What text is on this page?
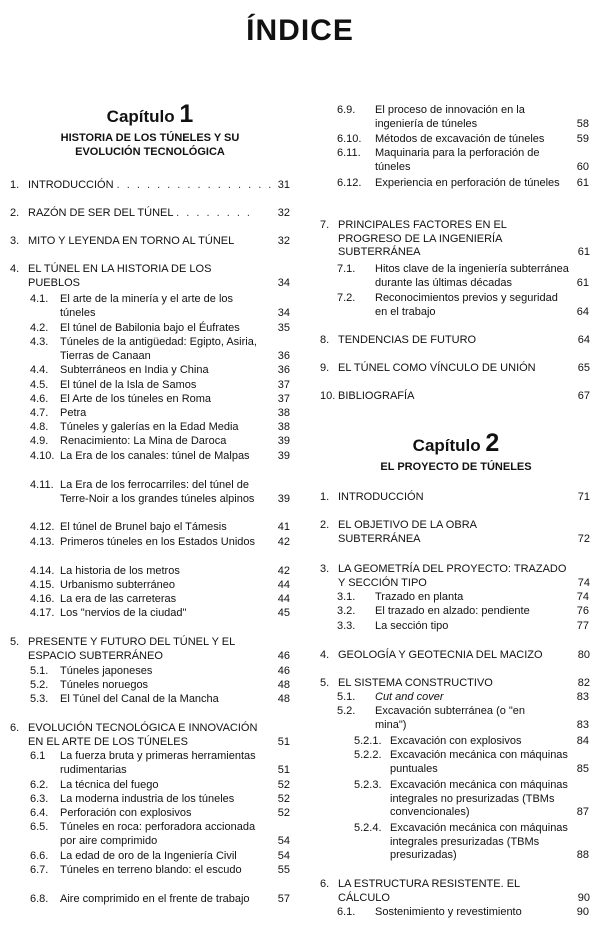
ÍNDICE
Capítulo 1
HISTORIA DE LOS TÚNELES Y SU EVOLUCIÓN TECNOLÓGICA
1. INTRODUCCIÓN . . . . . . . . . . . . . . . . 31
2. RAZÓN DE SER DEL TÚNEL . . . . . . . .	32
3. MITO Y LEYENDA EN TORNO AL TÚNEL	32
4. EL TÚNEL EN LA HISTORIA DE LOS PUEBLOS	34
4.1. El arte de la minería y el arte de los túneles	34
4.2. El túnel de Babilonia bajo el Éufrates	35
4.3. Túneles de la antigüedad: Egipto, Asiria, Tierras de Canaan	36
4.4. Subterráneos en India y China	36
4.5. El túnel de la Isla de Samos	37
4.6. El Arte de los túneles en Roma	37
4.7. Petra	38
4.8. Túneles y galerías en la Edad Media	38
4.9. Renacimiento: La Mina de Daroca	39
4.10. La Era de los canales: túnel de Malpas	39
4.11. La Era de los ferrocarriles: del túnel de Terre-Noir a los grandes túneles alpinos	39
4.12. El túnel de Brunel bajo el Támesis	41
4.13. Primeros túneles en los Estados Unidos	42
4.14. La historia de los metros	42
4.15. Urbanismo subterráneo	44
4.16. La era de las carreteras	44
4.17. Los "nervios de la ciudad"	45
5. PRESENTE Y FUTURO DEL TÚNEL Y EL ESPACIO SUBTERRÁNEO	46
5.1. Túneles japoneses	46
5.2. Túneles noruegos	48
5.3. El Túnel del Canal de la Mancha	48
6. EVOLUCIÓN TECNOLÓGICA E INNOVACIÓN EN EL ARTE DE LOS TÚNELES	51
6.1 La fuerza bruta y primeras herramientas rudimentarias	51
6.2. La técnica del fuego	52
6.3. La moderna industria de los túneles	52
6.4. Perforación con explosivos	52
6.5. Túneles en roca: perforadora accionada por aire comprimido	54
6.6. La edad de oro de la Ingeniería Civil	54
6.7. Túneles en terreno blando: el escudo	55
6.8. Aire comprimido en el frente de trabajo	57
6.9. El proceso de innovación en la ingeniería de túneles	58
6.10. Métodos de excavación de túneles	59
6.11. Maquinaria para la perforación de túneles	60
6.12. Experiencia en perforación de túneles	61
7. PRINCIPALES FACTORES EN EL PROGRESO DE LA INGENIERÍA SUBTERRÁNEA	61
7.1. Hitos clave de la ingeniería subterránea durante las últimas décadas	61
7.2. Reconocimientos previos y seguridad en el trabajo	64
8. TENDENCIAS DE FUTURO	64
9. EL TÚNEL COMO VÍNCULO DE UNIÓN	65
10. BIBLIOGRAFÍA	67
Capítulo 2
EL PROYECTO DE TÚNELES
1. INTRODUCCIÓN	71
2. EL OBJETIVO DE LA OBRA SUBTERRÁNEA	72
3. LA GEOMETRÍA DEL PROYECTO: TRAZADO Y SECCIÓN TIPO	74
3.1. Trazado en planta	74
3.2. El trazado en alzado: pendiente	76
3.3. La sección tipo	77
4. GEOLOGÍA Y GEOTECNIA DEL MACIZO	80
5. EL SISTEMA CONSTRUCTIVO	82
5.1. Cut and cover	83
5.2. Excavación subterránea (o "en mina")	83
5.2.1. Excavación con explosivos	84
5.2.2. Excavación mecánica con máquinas puntuales	85
5.2.3. Excavación mecánica con máquinas integrales no presurizadas (TBMs convencionales)	87
5.2.4. Excavación mecánica con máquinas integrales presurizadas (TBMs presurizadas)	88
6. LA ESTRUCTURA RESISTENTE. EL CÁLCULO	90
6.1. Sostenimiento y revestimiento	90
